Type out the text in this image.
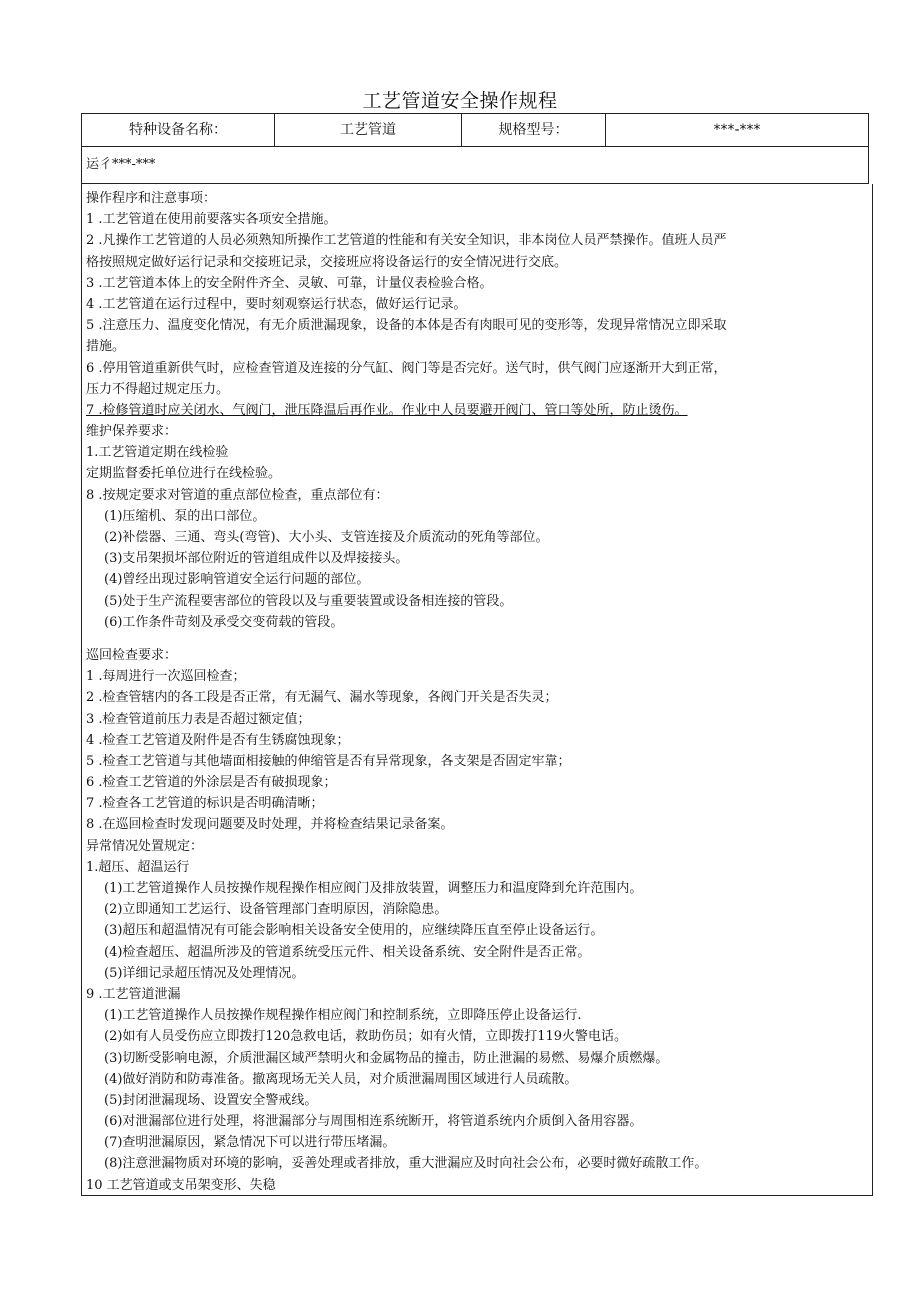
工艺管道安全操作规程
特种设备名称：	工艺管道	规格型号：	***-***
运彳***-***
操作程序和注意事项：
1 .工艺管道在使用前要落实各项安全措施。
2 .凡操作工艺管道的人员必须熟知所操作工艺管道的性能和有关安全知识，非本岗位人员严禁操作。值班人员严
格按照规定做好运行记录和交接班记录，交接班应将设备运行的安全情况进行交底。
3 .工艺管道本体上的安全附件齐全、灵敏、可靠，计量仪表检验合格。
4 .工艺管道在运行过程中，要时刻观察运行状态，做好运行记录。
5 .注意压力、温度变化情况，有无介质泄漏现象，设备的本体是否有肉眼可见的变形等，发现异常情况立即采取
措施。
6 .停用管道重新供气时，应检查管道及连接的分气缸、阀门等是否完好。送气时，供气阀门应逐渐开大到正常，
压力不得超过规定压力。
7 .检修管道时应关闭水、气阀门，泄压降温后再作业。作业中人员要避开阀门、管口等处所，防止烫伤。
维护保养要求：
1.工艺管道定期在线检验
定期监督委托单位进行在线检验。
8 .按规定要求对管道的重点部位检查，重点部位有：
(1)压缩机、泵的出口部位。
(2)补偿器、三通、弯头(弯管)、大小头、支管连接及介质流动的死角等部位。
(3)支吊架损坏部位附近的管道组成件以及焊接接头。
(4)曾经出现过影响管道安全运行问题的部位。
(5)处于生产流程要害部位的管段以及与重要装置或设备相连接的管段。
(6)工作条件苛刻及承受交变荷载的管段。
巡回检查要求：
1 .每周进行一次巡回检查；
2 .检查管辖内的各工段是否正常，有无漏气、漏水等现象，各阀门开关是否失灵；
3 .检查管道前压力表是否超过额定值；
4 .检查工艺管道及附件是否有生锈腐蚀现象；
5 .检查工艺管道与其他墙面相接触的伸缩管是否有异常现象，各支架是否固定牢靠；
6 .检查工艺管道的外涂层是否有破损现象；
7 .检查各工艺管道的标识是否明确清晰；
8 .在巡回检查时发现问题要及时处理，并将检查结果记录备案。
异常情况处置规定：
1.超压、超温运行
(1)工艺管道操作人员按操作规程操作相应阀门及排放装置，调整压力和温度降到允许范围内。
(2)立即通知工艺运行、设备管理部门查明原因，消除隐患。
(3)超压和超温情况有可能会影响相关设备安全使用的，应继续降压直至停止设备运行。
(4)检查超压、超温所涉及的管道系统受压元件、相关设备系统、安全附件是否正常。
(5)详细记录超压情况及处理情况。
9 .工艺管道泄漏
(1)工艺管道操作人员按操作规程操作相应阀门和控制系统，立即降压停止设备运行.
(2)如有人员受伤应立即拨打120急救电话，救助伤员；如有火情，立即拨打119火警电话。
(3)切断受影响电源，介质泄漏区域严禁明火和金属物品的撞击，防止泄漏的易燃、易爆介质燃爆。
(4)做好消防和防毒准备。撤离现场无关人员，对介质泄漏周围区域进行人员疏散。
(5)封闭泄漏现场、设置安全警戒线。
(6)对泄漏部位进行处理，将泄漏部分与周围相连系统断开，将管道系统内介质倒入备用容器。
(7)查明泄漏原因，紧急情况下可以进行带压堵漏。
(8)注意泄漏物质对环境的影响，妥善处理或者排放，重大泄漏应及时向社会公布，必要时微好疏散工作。
10 工艺管道或支吊架变形、失稳
